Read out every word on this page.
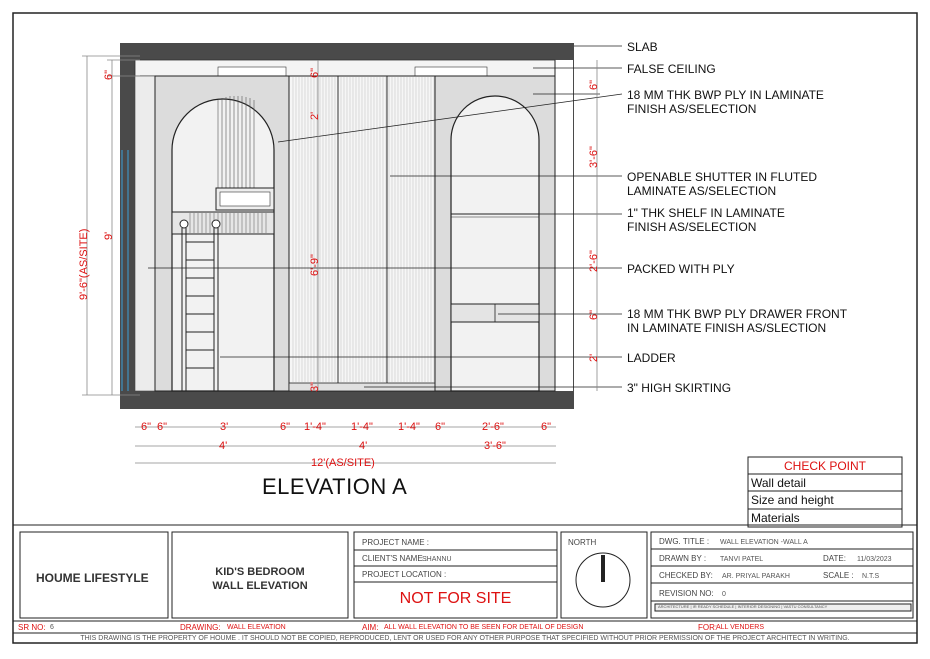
SLAB
FALSE CEILING
18 MM THK BWP PLY IN LAMINATE
FINISH AS/SELECTION
OPENABLE SHUTTER IN FLUTED
LAMINATE AS/SELECTION
1" THK SHELF IN LAMINATE
FINISH AS/SELECTION
PACKED WITH PLY
18 MM THK BWP PLY DRAWER FRONT
IN LAMINATE FINISH AS/SLECTION
LADDER
3" HIGH SKIRTING
9'-6"(AS/SITE) 9'
6"	6"
2'
6'-9"
3"
6"
3'-6"
2'-6"
6"
2'
6" 6"	3'	6" 1'-4" 1'-4" 1'-4" 6"	2'-6"	6"
4'	4'	3'-6"
12'(AS/SITE)
ELEVATION A
CHECK POINT
Wall detail
Size and height
Materials
HOUME LIFESTYLE	KID'S BEDROOM
WALL ELEVATION
PROJECT NAME :
CLIENT'S NAME :
SHANNU
PROJECT LOCATION :
NOT FOR SITE
NORTH	DWG. TITLE : WALL ELEVATION -WALL A
DRAWN BY : TANVI PATEL	DATE: 11/03/2023
CHECKED BY: AR. PRIYAL PARAKH	SCALE : N.T.S
REVISION NO: 0
ARCHITECTURE | IR READY SCHEDULE | INTERIOR DESIGNING | VASTU CONSULTANCY
SR NO: 6	DRAWING: WALL ELEVATION	AIM: ALL WALL ELEVATION TO BE SEEN FOR DETAIL OF DESIGN	FOR:
ALL VENDERS
THIS DRAWING IS THE PROPERTY OF HOUME . IT SHOULD NOT BE COPIED, REPRODUCED, LENT OR USED FOR ANY OTHER PURPOSE THAT SPECIFIED WITHOUT PRIOR PERMISSION OF THE PROJECT ARCHITECT IN WRITING.
